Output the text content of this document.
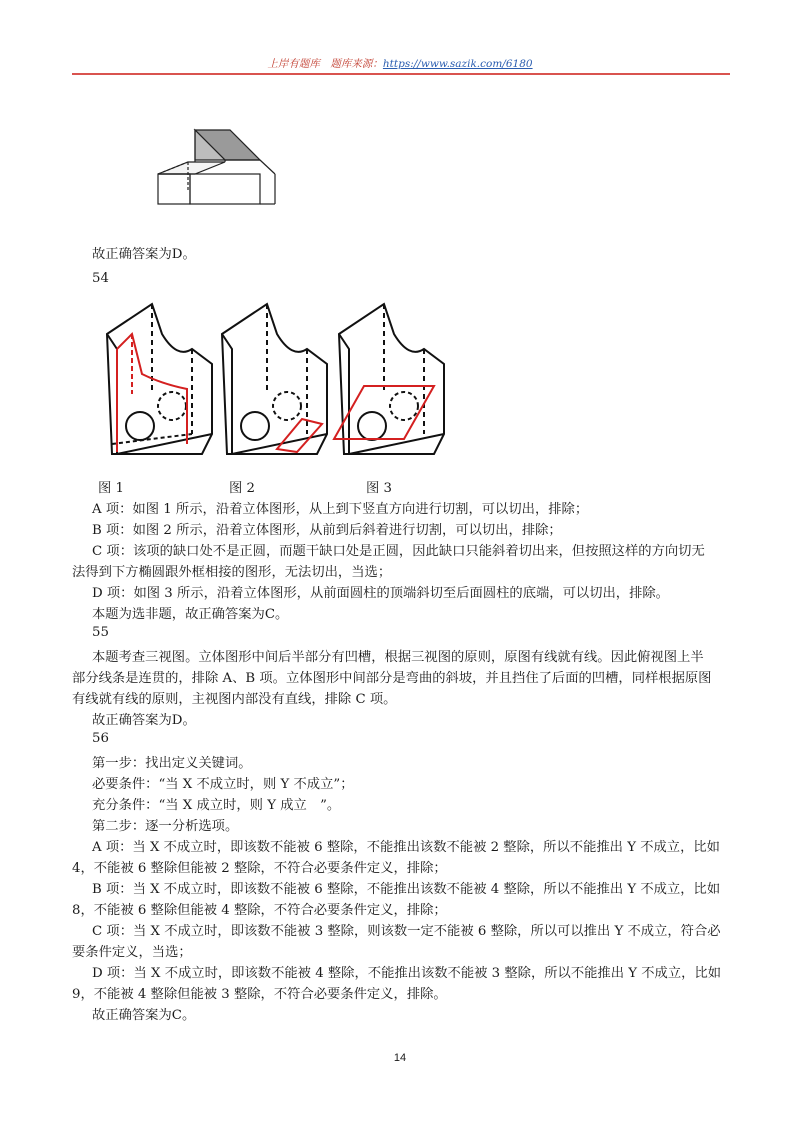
上岸有题库　题库来源：https://www.sazik.com/6180
故正确答案为D。
54
图 1	图 2	图 3
A 项：如图 1 所示，沿着立体图形，从上到下竖直方向进行切割，可以切出，排除；
B 项：如图 2 所示，沿着立体图形，从前到后斜着进行切割，可以切出，排除；
C 项：该项的缺口处不是正圆，而题干缺口处是正圆，因此缺口只能斜着切出来，但按照这样的方向切无
法得到下方椭圆跟外框相接的图形，无法切出，当选；
D 项：如图 3 所示，沿着立体图形，从前面圆柱的顶端斜切至后面圆柱的底端，可以切出，排除。
本题为选非题，故正确答案为C。
55
本题考查三视图。立体图形中间后半部分有凹槽，根据三视图的原则，原图有线就有线。因此俯视图上半
部分线条是连贯的，排除 A、B 项。立体图形中间部分是弯曲的斜坡，并且挡住了后面的凹槽，同样根据原图
有线就有线的原则，主视图内部没有直线，排除 C 项。
故正确答案为D。
56
第一步：找出定义关键词。
必要条件：“当 X 不成立时，则 Y 不成立”；
充分条件：“当 X 成立时，则 Y 成立　”。
第二步：逐一分析选项。
A 项：当 X 不成立时，即该数不能被 6 整除，不能推出该数不能被 2 整除，所以不能推出 Y 不成立，比如
4，不能被 6 整除但能被 2 整除，不符合必要条件定义，排除；
B 项：当 X 不成立时，即该数不能被 6 整除，不能推出该数不能被 4 整除，所以不能推出 Y 不成立，比如
8，不能被 6 整除但能被 4 整除，不符合必要条件定义，排除；
C 项：当 X 不成立时，即该数不能被 3 整除，则该数一定不能被 6 整除，所以可以推出 Y 不成立，符合必
要条件定义，当选；
D 项：当 X 不成立时，即该数不能被 4 整除，不能推出该数不能被 3 整除，所以不能推出 Y 不成立，比如
9，不能被 4 整除但能被 3 整除，不符合必要条件定义，排除。
故正确答案为C。
14
